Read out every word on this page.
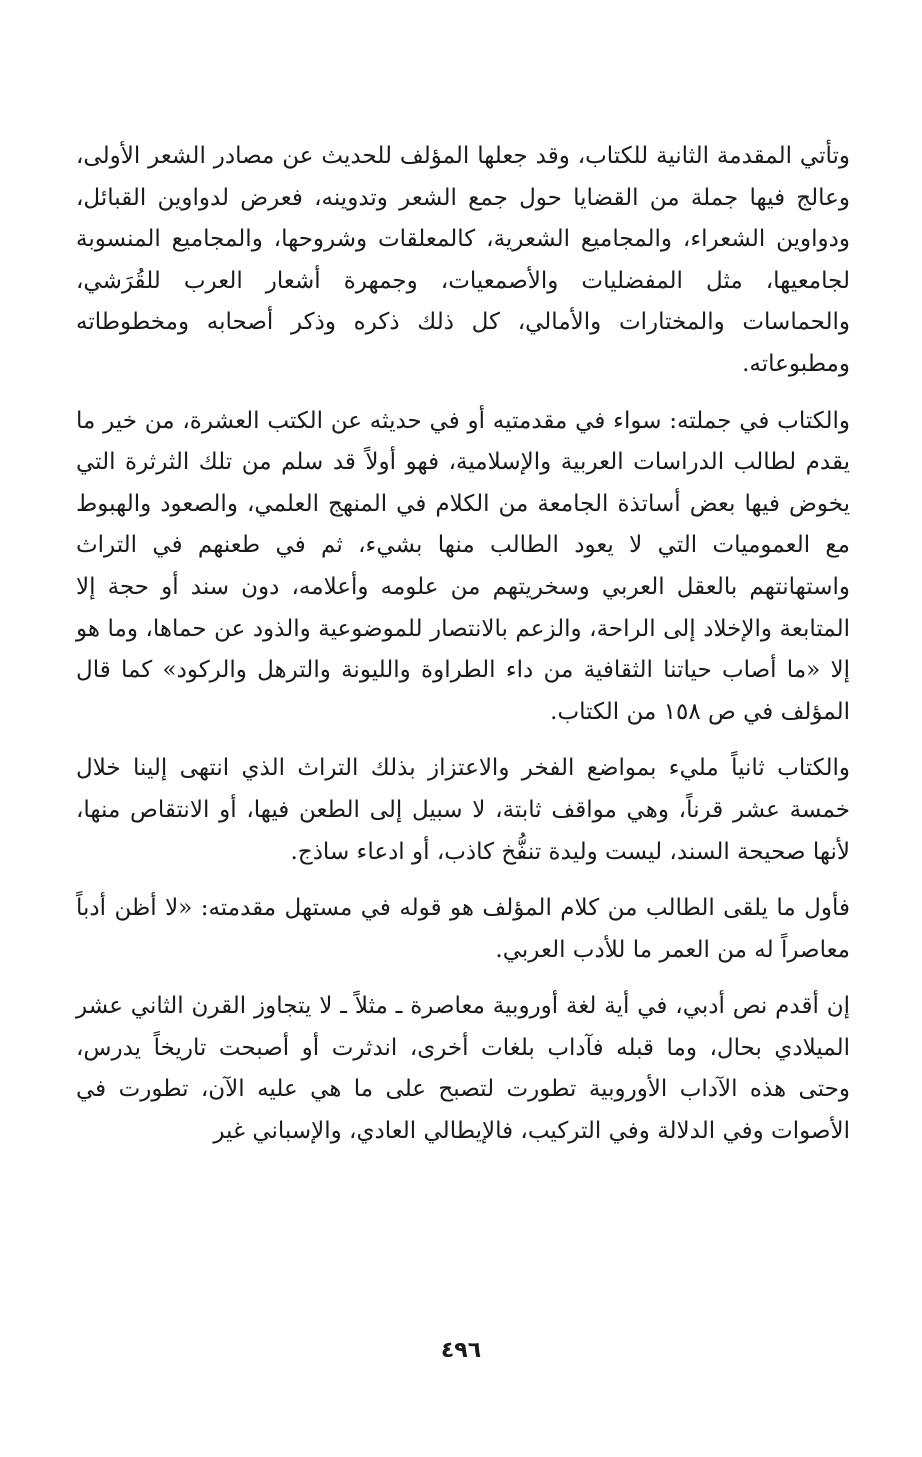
وتأتي المقدمة الثانية للكتاب، وقد جعلها المؤلف للحديث عن مصادر الشعر الأولى، وعالج فيها جملة من القضايا حول جمع الشعر وتدوينه، فعرض لدواوين القبائل، ودواوين الشعراء، والمجاميع الشعرية، كالمعلقات وشروحها، والمجاميع المنسوبة لجامعيها، مثل المفضليات والأصمعيات، وجمهرة أشعار العرب للقُرَشي، والحماسات والمختارات والأمالي، كل ذلك ذكره وذكر أصحابه ومخطوطاته ومطبوعاته.

والكتاب في جملته: سواء في مقدمتيه أو في حديثه عن الكتب العشرة، من خير ما يقدم لطالب الدراسات العربية والإسلامية، فهو أولاً قد سلم من تلك الثرثرة التي يخوض فيها بعض أساتذة الجامعة من الكلام في المنهج العلمي، والصعود والهبوط مع العموميات التي لا يعود الطالب منها بشيء، ثم في طعنهم في التراث واستهانتهم بالعقل العربي وسخريتهم من علومه وأعلامه، دون سند أو حجة إلا المتابعة والإخلاد إلى الراحة، والزعم بالانتصار للموضوعية والذود عن حماها، وما هو إلا «ما أصاب حياتنا الثقافية من داء الطراوة والليونة والترهل والركود» كما قال المؤلف في ص ١٥٨ من الكتاب.

والكتاب ثانياً مليء بمواضع الفخر والاعتزاز بذلك التراث الذي انتهى إلينا خلال خمسة عشر قرناً، وهي مواقف ثابتة، لا سبيل إلى الطعن فيها، أو الانتقاص منها، لأنها صحيحة السند، ليست وليدة تنفُّخ كاذب، أو ادعاء ساذج.

فأول ما يلقى الطالب من كلام المؤلف هو قوله في مستهل مقدمته: «لا أظن أدباً معاصراً له من العمر ما للأدب العربي.

إن أقدم نص أدبي، في أية لغة أوروبية معاصرة ـ مثلاً ـ لا يتجاوز القرن الثاني عشر الميلادي بحال، وما قبله فآداب بلغات أخرى، اندثرت أو أصبحت تاريخاً يدرس، وحتى هذه الآداب الأوروبية تطورت لتصبح على ما هي عليه الآن، تطورت في الأصوات وفي الدلالة وفي التركيب، فالإيطالي العادي، والإسباني غير

٤٩٦
